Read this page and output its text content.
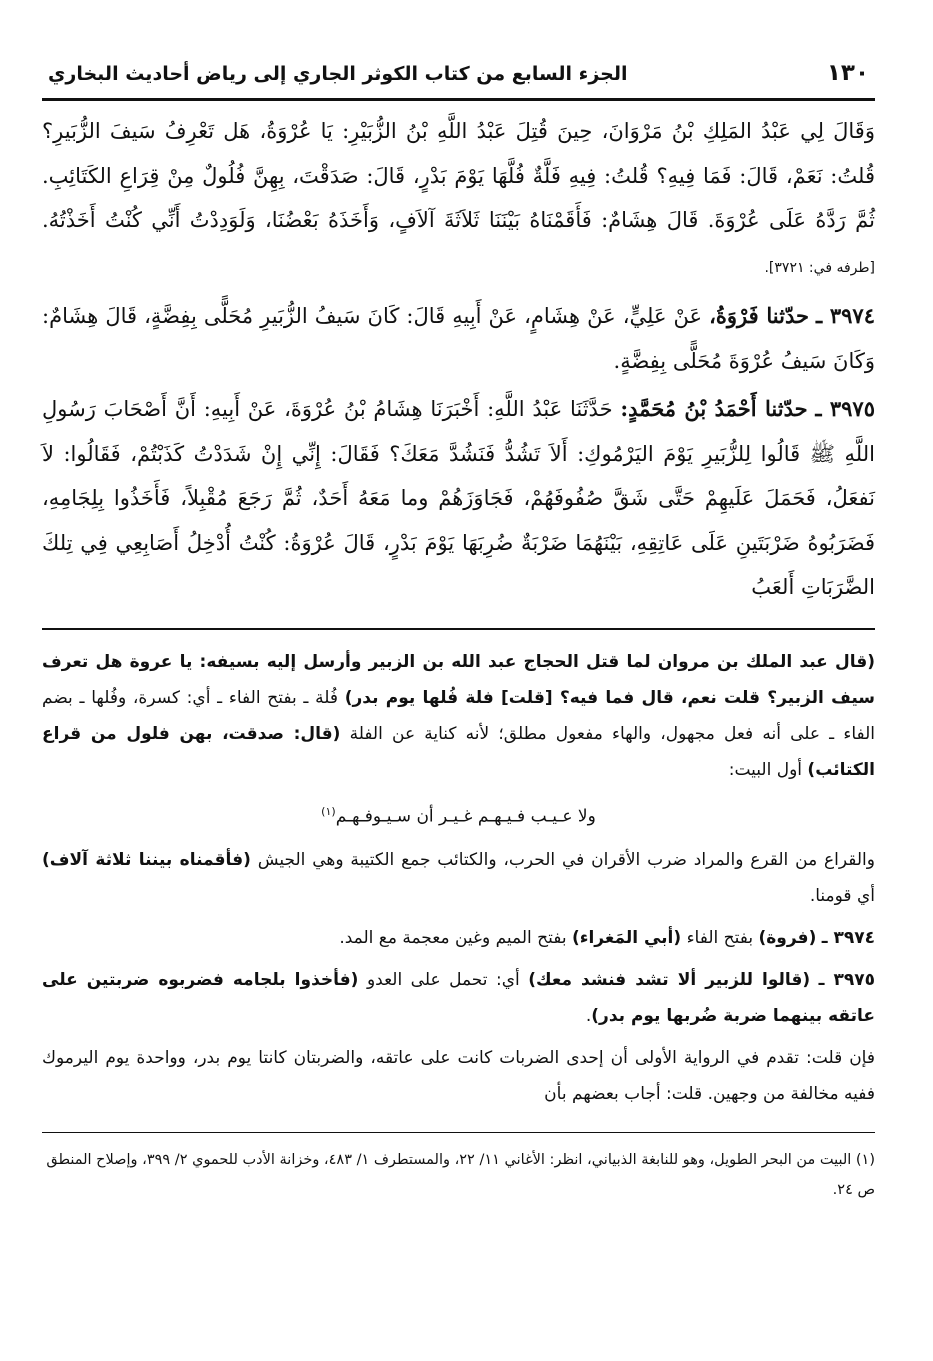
١٣٠
الجزء السابع من كتاب الكوثر الجاري إلى رياض أحاديث البخاري

وَقَالَ لِي عَبْدُ المَلِكِ بْنُ مَرْوَانَ، حِينَ قُتِلَ عَبْدُ اللَّهِ بْنُ الزُّبَيْرِ: يَا عُرْوَةُ، هَل تَعْرِفُ سَيفَ الزُّبَيرِ؟ قُلتُ: نَعَمْ، قَالَ: فَمَا فِيهِ؟ قُلتُ: فِيهِ فَلَّةٌ فُلَّهَا يَوْمَ بَدْرٍ، قَالَ: صَدَقْتَ، بِهِنَّ فُلُولٌ مِنْ قِرَاعِ الكَتَائِبِ. ثُمَّ رَدَّهُ عَلَى عُرْوَةَ. قَالَ هِشَامٌ: فَأَقَمْنَاهُ بَيْنَنَا ثَلاَثَةَ آلاَفٍ، وَأَخَذَهُ بَعْضُنَا، وَلَوَدِدْتُ أَنِّي كُنْتُ أَخَذْتُهُ. [طرفه في: ٣٧٢١].

٣٩٧٤ ـ حدّثنا فَرْوَةُ، عَنْ عَلِيٍّ، عَنْ هِشَامٍ، عَنْ أَبِيهِ قَالَ: كَانَ سَيفُ الزُّبَيرِ مُحَلًّى بِفِضَّةٍ، قَالَ هِشَامٌ: وَكَانَ سَيفُ عُرْوَةَ مُحَلًّى بِفِضَّةٍ.

٣٩٧٥ ـ حدّثنا أَحْمَدُ بْنُ مُحَمَّدٍ: حَدَّثَنَا عَبْدُ اللَّهِ: أَخْبَرَنَا هِشَامُ بْنُ عُرْوَةَ، عَنْ أَبِيهِ: أَنَّ أَصْحَابَ رَسُولِ اللَّهِ ﷺ قَالُوا لِلزُّبَيرِ يَوْمَ اليَرْمُوكِ: أَلاَ تَشُدُّ فَنَشُدَّ مَعَكَ؟ فَقَالَ: إِنِّي إِنْ شَدَدْتُ كَذَبْتُمْ، فَقَالُوا: لاَ نَفعَلُ، فَحَمَلَ عَلَيهِمْ حَتَّى شَقَّ صُفُوفَهُمْ، فَجَاوَزَهُمْ وما مَعَهُ أَحَدٌ، ثُمَّ رَجَعَ مُقْبِلاً، فَأَخَذُوا بِلِجَامِهِ، فَضَرَبُوهُ ضَرْبَتَينِ عَلَى عَاتِقِهِ، بَيْنَهُمَا ضَرْبَةٌ ضُرِبَهَا يَوْمَ بَدْرٍ، قَالَ عُرْوَةُ: كُنْتُ أُدْخِلُ أَصَابِعِي فِي تِلكَ الضَّرَبَاتِ أَلعَبُ

(قال عبد الملك بن مروان لما قتل الحجاج عبد الله بن الزبير وأرسل إليه بسيفه: يا عروة هل تعرف سيف الزبير؟ قلت نعم، قال فما فيه؟ [قلت] فلة فُلها يوم بدر) فُلة ـ بفتح الفاء ـ أي: كسرة، وفُلها ـ بضم الفاء ـ على أنه فعل مجهول، والهاء مفعول مطلق؛ لأنه كناية عن الفلة (قال: صدقت، بهن فلول من قراع الكتائب) أول البيت:

ولا عـيـب فـيـهـم غـيـر أن سـيـوفـهـم$^{(١)}$

والقراع من القرع والمراد ضرب الأقران في الحرب، والكتائب جمع الكتيبة وهي الجيش (فأقمناه بيننا ثلاثة آلاف) أي قومنا.

٣٩٧٤ ـ (فروة) بفتح الفاء (أبي المَغراء) بفتح الميم وغين معجمة مع المد.

٣٩٧٥ ـ (قالوا للزبير ألا تشد فنشد معك) أي: تحمل على العدو (فأخذوا بلجامه فضربوه ضربتين على عاتقه بينهما ضربة ضُربها يوم بدر).

فإن قلت: تقدم في الرواية الأولى أن إحدى الضربات كانت على عاتقه، والضربتان كانتا يوم بدر، وواحدة يوم اليرموك ففيه مخالفة من وجهين. قلت: أجاب بعضهم بأن

(١) البيت من البحر الطويل، وهو للنابغة الذبياني، انظر: الأغاني ١١/ ٢٢، والمستطرف ١/ ٤٨٣، وخزانة الأدب للحموي ٢/ ٣٩٩، وإصلاح المنطق ص ٢٤.
